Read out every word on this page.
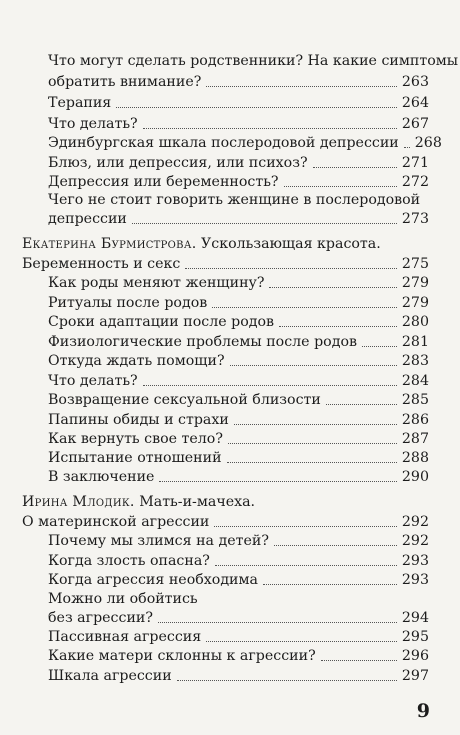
Что могут сделать родственники? На какие симптомы
обратить внимание?	263
Терапия	264
Что делать?	267
Эдинбургская шкала послеродовой депрессии 268
Блюз, или депрессия, или психоз?	271
Депрессия или беременность?	272
Чего не стоит говорить женщине в послеродовой
депрессии	273
Екатерина Бурмистрова. Ускользающая красота.
Беременность и секс	275
Как роды меняют женщину?	279
Ритуалы после родов	279
Сроки адаптации после родов	280
Физиологические проблемы после родов	281
Откуда ждать помощи?	283
Что делать?	284
Возвращение сексуальной близости	285
Папины обиды и страхи	286
Как вернуть свое тело?	287
Испытание отношений	288
В заключение	290
Ирина Млодик. Мать-и-мачеха.
О материнской агрессии	292
Почему мы злимся на детей?	292
Когда злость опасна?	293
Когда агрессия необходима	293
Можно ли обойтись
без агрессии?	294
Пассивная агрессия	295
Какие матери склонны к агрессии?	296
Шкала агрессии	297
9
